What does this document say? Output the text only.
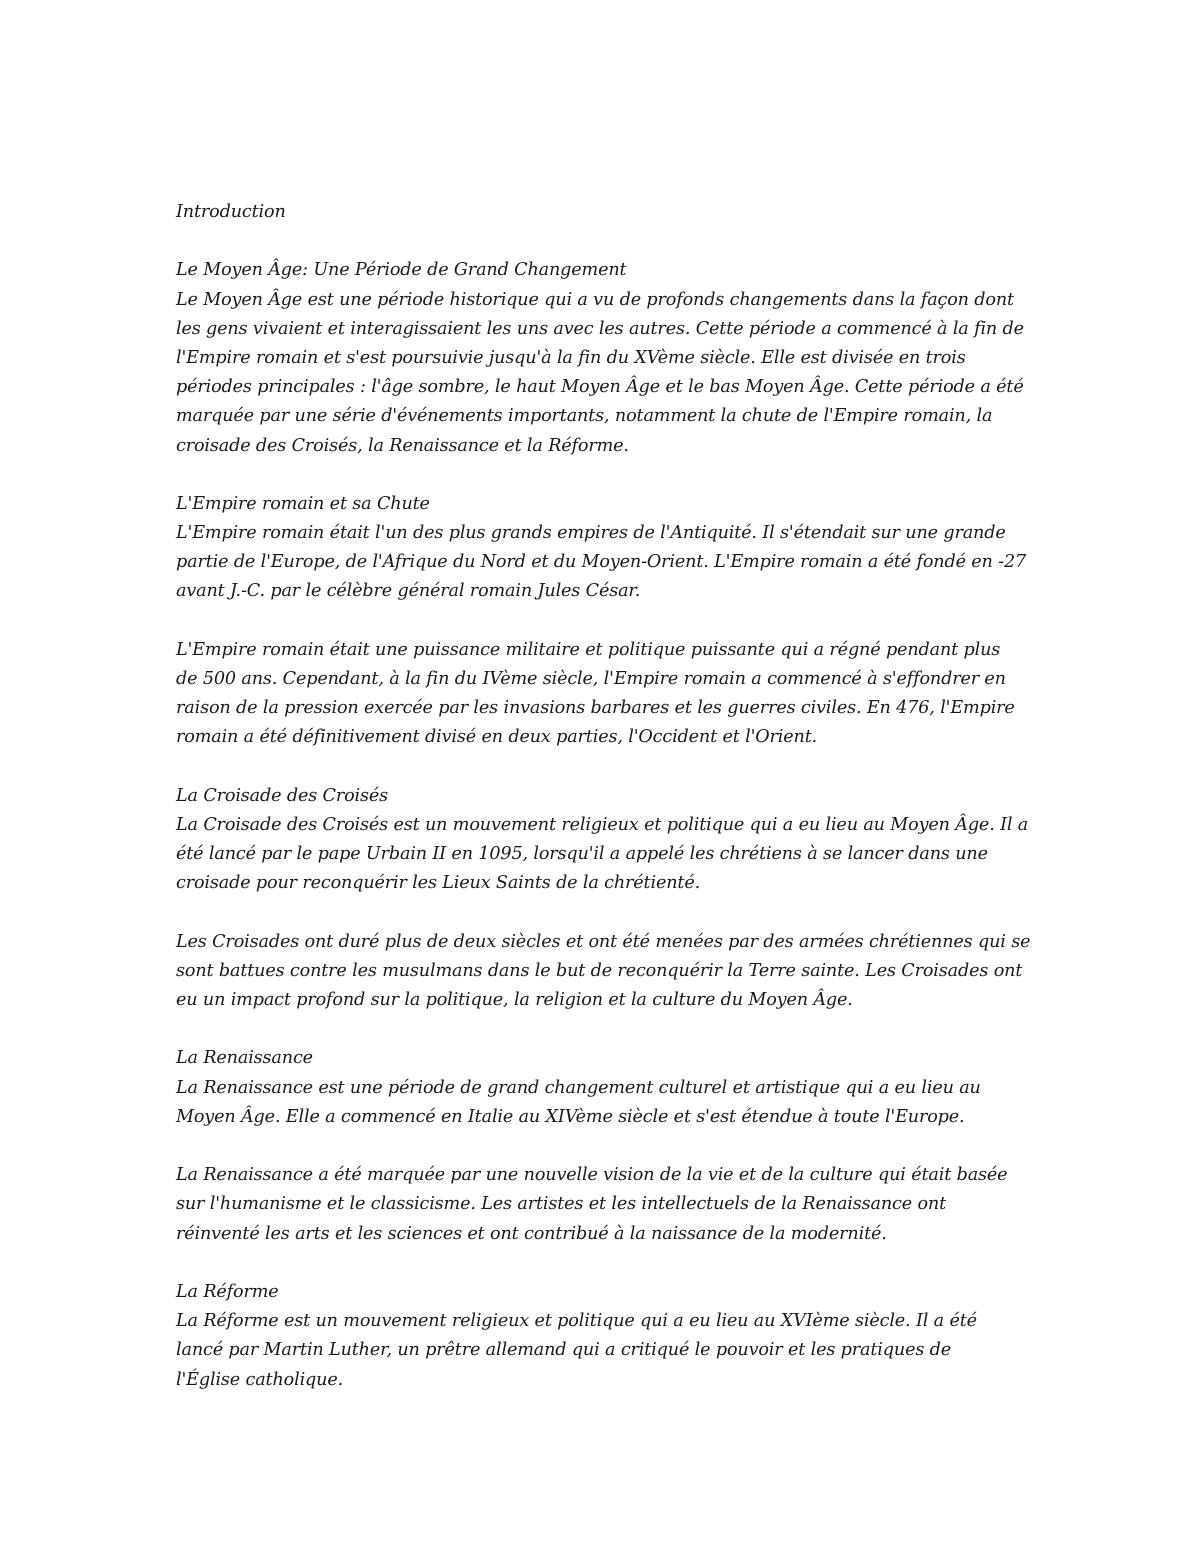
Introduction
Le Moyen Âge: Une Période de Grand Changement
Le Moyen Âge est une période historique qui a vu de profonds changements dans la façon dont
les gens vivaient et interagissaient les uns avec les autres. Cette période a commencé à la fin de
l'Empire romain et s'est poursuivie jusqu'à la fin du XVème siècle. Elle est divisée en trois
périodes principales : l'âge sombre, le haut Moyen Âge et le bas Moyen Âge. Cette période a été
marquée par une série d'événements importants, notamment la chute de l'Empire romain, la
croisade des Croisés, la Renaissance et la Réforme.
L'Empire romain et sa Chute
L'Empire romain était l'un des plus grands empires de l'Antiquité. Il s'étendait sur une grande
partie de l'Europe, de l'Afrique du Nord et du Moyen-Orient. L'Empire romain a été fondé en -27
avant J.-C. par le célèbre général romain Jules César.
L'Empire romain était une puissance militaire et politique puissante qui a régné pendant plus
de 500 ans. Cependant, à la fin du IVème siècle, l'Empire romain a commencé à s'effondrer en
raison de la pression exercée par les invasions barbares et les guerres civiles. En 476, l'Empire
romain a été définitivement divisé en deux parties, l'Occident et l'Orient.
La Croisade des Croisés
La Croisade des Croisés est un mouvement religieux et politique qui a eu lieu au Moyen Âge. Il a
été lancé par le pape Urbain II en 1095, lorsqu'il a appelé les chrétiens à se lancer dans une
croisade pour reconquérir les Lieux Saints de la chrétienté.
Les Croisades ont duré plus de deux siècles et ont été menées par des armées chrétiennes qui se
sont battues contre les musulmans dans le but de reconquérir la Terre sainte. Les Croisades ont
eu un impact profond sur la politique, la religion et la culture du Moyen Âge.
La Renaissance
La Renaissance est une période de grand changement culturel et artistique qui a eu lieu au
Moyen Âge. Elle a commencé en Italie au XIVème siècle et s'est étendue à toute l'Europe.
La Renaissance a été marquée par une nouvelle vision de la vie et de la culture qui était basée
sur l'humanisme et le classicisme. Les artistes et les intellectuels de la Renaissance ont
réinventé les arts et les sciences et ont contribué à la naissance de la modernité.
La Réforme
La Réforme est un mouvement religieux et politique qui a eu lieu au XVIème siècle. Il a été
lancé par Martin Luther, un prêtre allemand qui a critiqué le pouvoir et les pratiques de
l'Église catholique.
